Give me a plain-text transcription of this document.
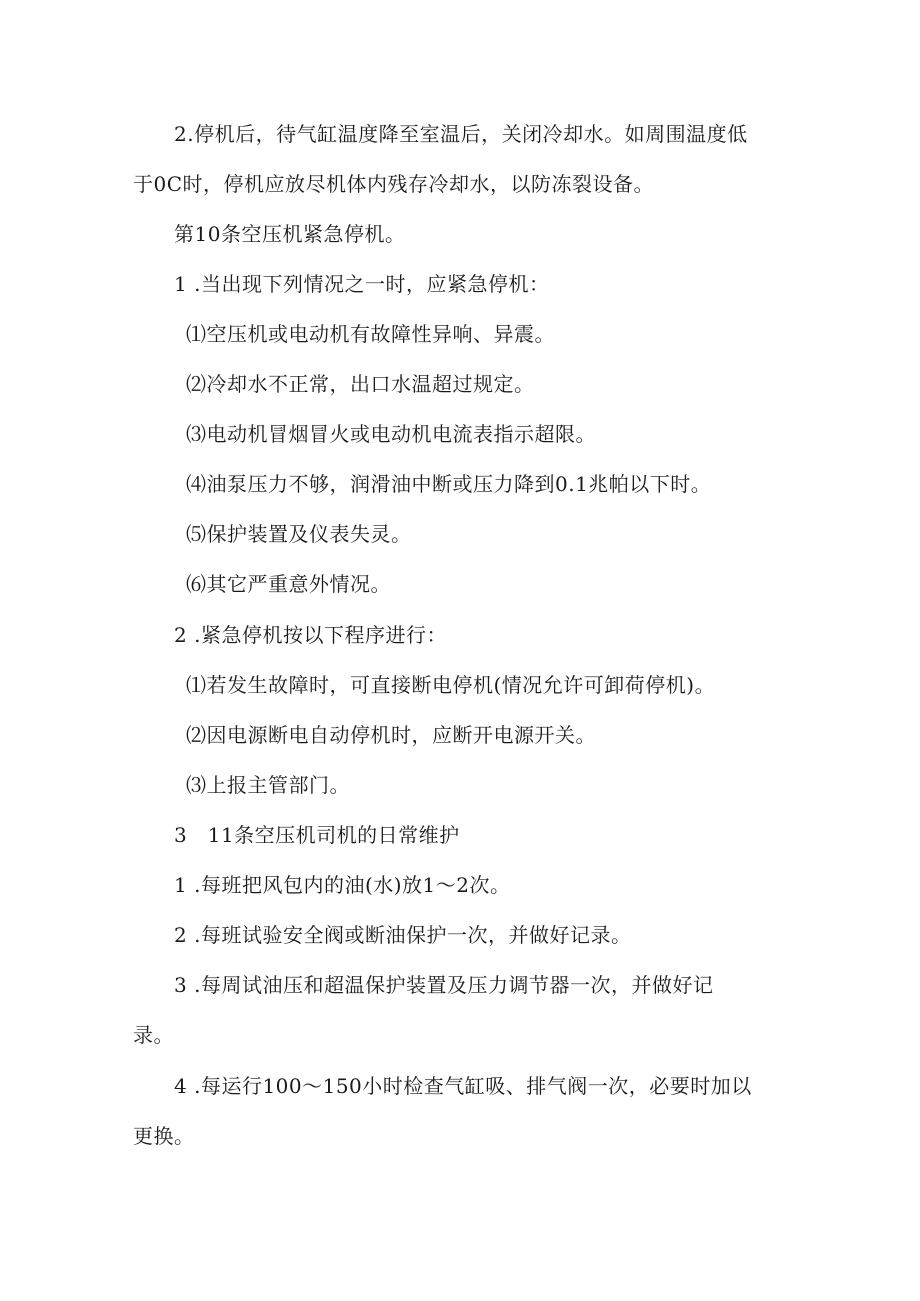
2.停机后，待气缸温度降至室温后，关闭冷却水。如周围温度低
于0C时，停机应放尽机体内残存冷却水，以防冻裂设备。
第10条空压机紧急停机。
1 .当出现下列情况之一时，应紧急停机：
⑴空压机或电动机有故障性异响、异震。
⑵冷却水不正常，出口水温超过规定。
⑶电动机冒烟冒火或电动机电流表指示超限。
⑷油泵压力不够，润滑油中断或压力降到0.1兆帕以下时。
⑸保护装置及仪表失灵。
⑹其它严重意外情况。
2 .紧急停机按以下程序进行：
⑴若发生故障时，可直接断电停机(情况允许可卸荷停机)。
⑵因电源断电自动停机时，应断开电源开关。
⑶上报主管部门。
3　11条空压机司机的日常维护
1 .每班把风包内的油(水)放1～2次。
2 .每班试验安全阀或断油保护一次，并做好记录。
3 .每周试油压和超温保护装置及压力调节器一次，并做好记
录。
4 .每运行100～150小时检查气缸吸、排气阀一次，必要时加以
更换。
